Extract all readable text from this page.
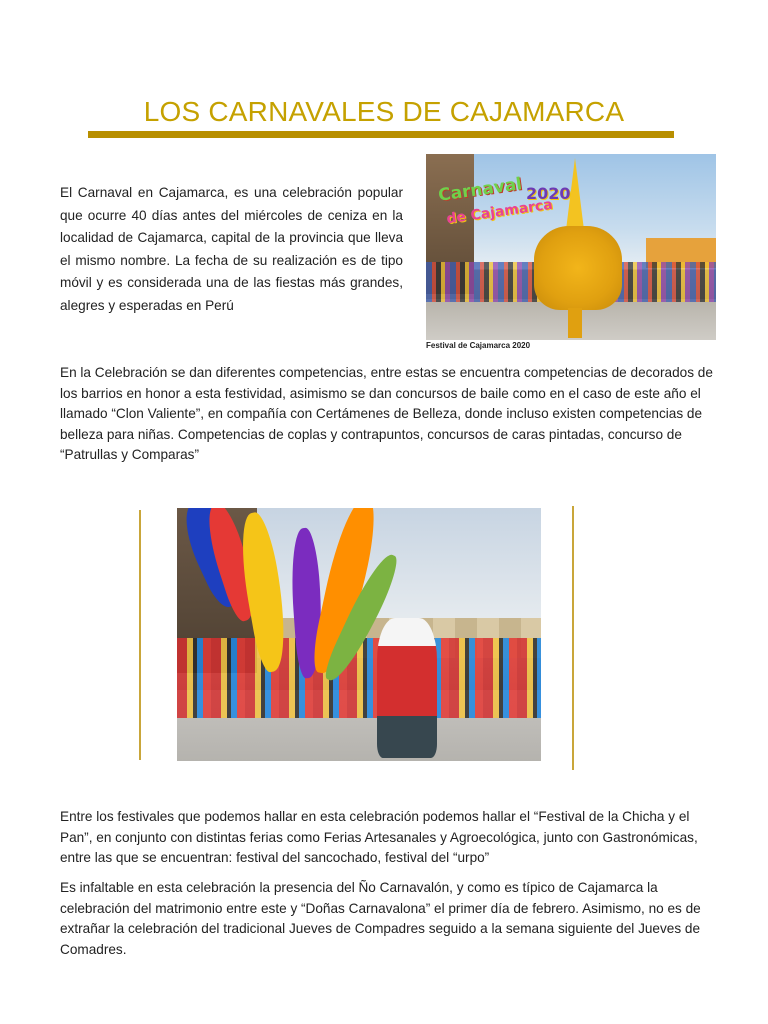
LOS CARNAVALES DE CAJAMARCA
El Carnaval en Cajamarca, es una celebración popular que ocurre 40 días antes del miércoles de ceniza en la localidad de Cajamarca, capital de la provincia que lleva el mismo nombre. La fecha de su realización es de tipo móvil y es considerada una de las fiestas más grandes, alegres y esperadas en Perú
Carnaval
de Cajamarca
2020
Festival de Cajamarca 2020
En la Celebración se dan diferentes competencias, entre estas se encuentra competencias de decorados de los barrios en honor a esta festividad, asimismo se dan concursos de baile como en el caso de este año el llamado “Clon Valiente”, en compañía con Certámenes de Belleza, donde incluso existen competencias de belleza para niñas. Competencias de coplas y contrapuntos, concursos de caras pintadas, concurso de “Patrullas y Comparas”
Entre los festivales que podemos hallar en esta celebración podemos hallar el “Festival de la Chicha y el Pan”, en conjunto con distintas ferias como Ferias Artesanales y Agroecológica, junto con Gastronómicas, entre las que se encuentran: festival del sancochado, festival del “urpo”
Es infaltable en esta celebración la presencia del Ño Carnavalón, y como es típico de Cajamarca la celebración del matrimonio entre este y “Doñas Carnavalona” el primer día de febrero. Asimismo, no es de extrañar la celebración del tradicional Jueves de Compadres seguido a la semana siguiente del Jueves de Comadres.
